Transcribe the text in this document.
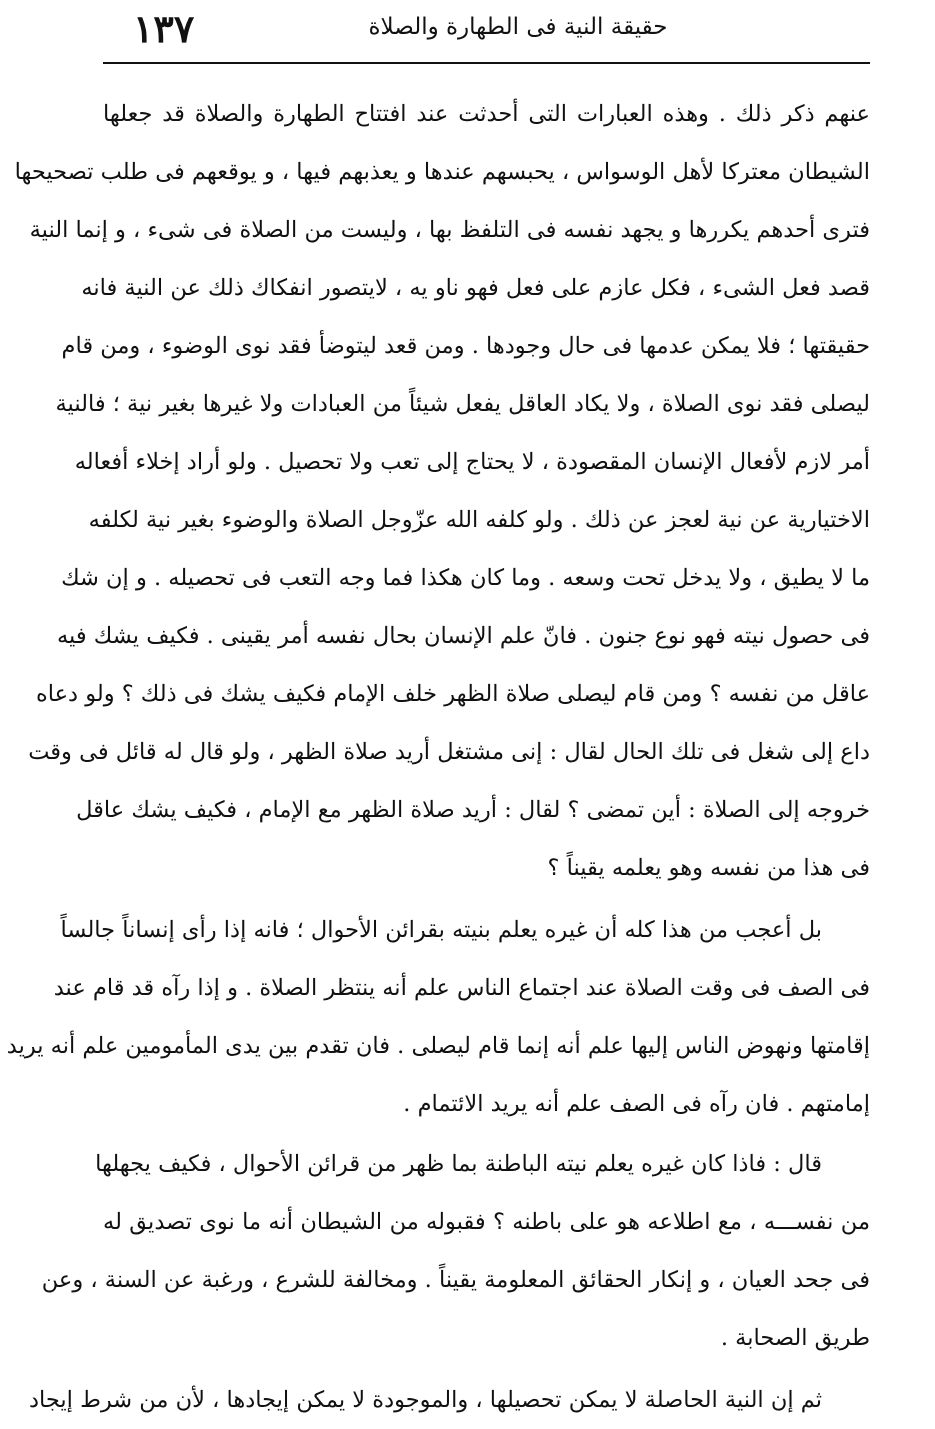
١٣٧	حقيقة النية فى الطهارة والصلاة
عنهم ذكر ذلك . وهذه العبارات التى أحدثت عند افتتاح الطهارة والصلاة قد جعلها
الشيطان معتركا لأهل الوسواس ، يحبسهم عندها و يعذبهم فيها ، و يوقعهم فى طلب تصحيحها
فترى أحدهم يكررها و يجهد نفسه فى التلفظ بها ، وليست من الصلاة فى شىء ، و إنما النية
قصد فعل الشىء ، فكل عازم على فعل فهو ناو يه ، لايتصور انفكاك ذلك عن النية فانه
حقيقتها ؛ فلا يمكن عدمها فى حال وجودها . ومن قعد ليتوضأ فقد نوى الوضوء ، ومن قام
ليصلى فقد نوى الصلاة ، ولا يكاد العاقل يفعل شيئاً من العبادات ولا غيرها بغير نية ؛ فالنية
أمر لازم لأفعال الإنسان المقصودة ، لا يحتاج إلى تعب ولا تحصيل . ولو أراد إخلاء أفعاله
الاختيارية عن نية لعجز عن ذلك . ولو كلفه الله عزّوجل الصلاة والوضوء بغير نية لكلفه
ما لا يطيق ، ولا يدخل تحت وسعه . وما كان هكذا فما وجه التعب فى تحصيله . و إن شك
فى حصول نيته فهو نوع جنون . فانّ علم الإنسان بحال نفسه أمر يقينى . فكيف يشك فيه
عاقل من نفسه ؟ ومن قام ليصلى صلاة الظهر خلف الإمام فكيف يشك فى ذلك ؟ ولو دعاه
داع إلى شغل فى تلك الحال لقال : إنى مشتغل أريد صلاة الظهر ، ولو قال له قائل فى وقت
خروجه إلى الصلاة : أين تمضى ؟ لقال : أريد صلاة الظهر مع الإمام ، فكيف يشك عاقل
فى هذا من نفسه وهو يعلمه يقيناً ؟
بل أعجب من هذا كله أن غيره يعلم بنيته بقرائن الأحوال ؛ فانه إذا رأى إنساناً جالساً
فى الصف فى وقت الصلاة عند اجتماع الناس علم أنه ينتظر الصلاة . و إذا رآه قد قام عند
إقامتها ونهوض الناس إليها علم أنه إنما قام ليصلى . فان تقدم بين يدى المأمومين علم أنه يريد
إمامتهم . فان رآه فى الصف علم أنه يريد الائتمام .
قال : فاذا كان غيره يعلم نيته الباطنة بما ظهر من قرائن الأحوال ، فكيف يجهلها
من نفســـه ، مع اطلاعه هو على باطنه ؟ فقبوله من الشيطان أنه ما نوى تصديق له
فى جحد العيان ، و إنكار الحقائق المعلومة يقيناً . ومخالفة للشرع ، ورغبة عن السنة ، وعن
طريق الصحابة .
ثم إن النية الحاصلة لا يمكن تحصيلها ، والموجودة لا يمكن إيجادها ، لأن من شرط إيجاد
